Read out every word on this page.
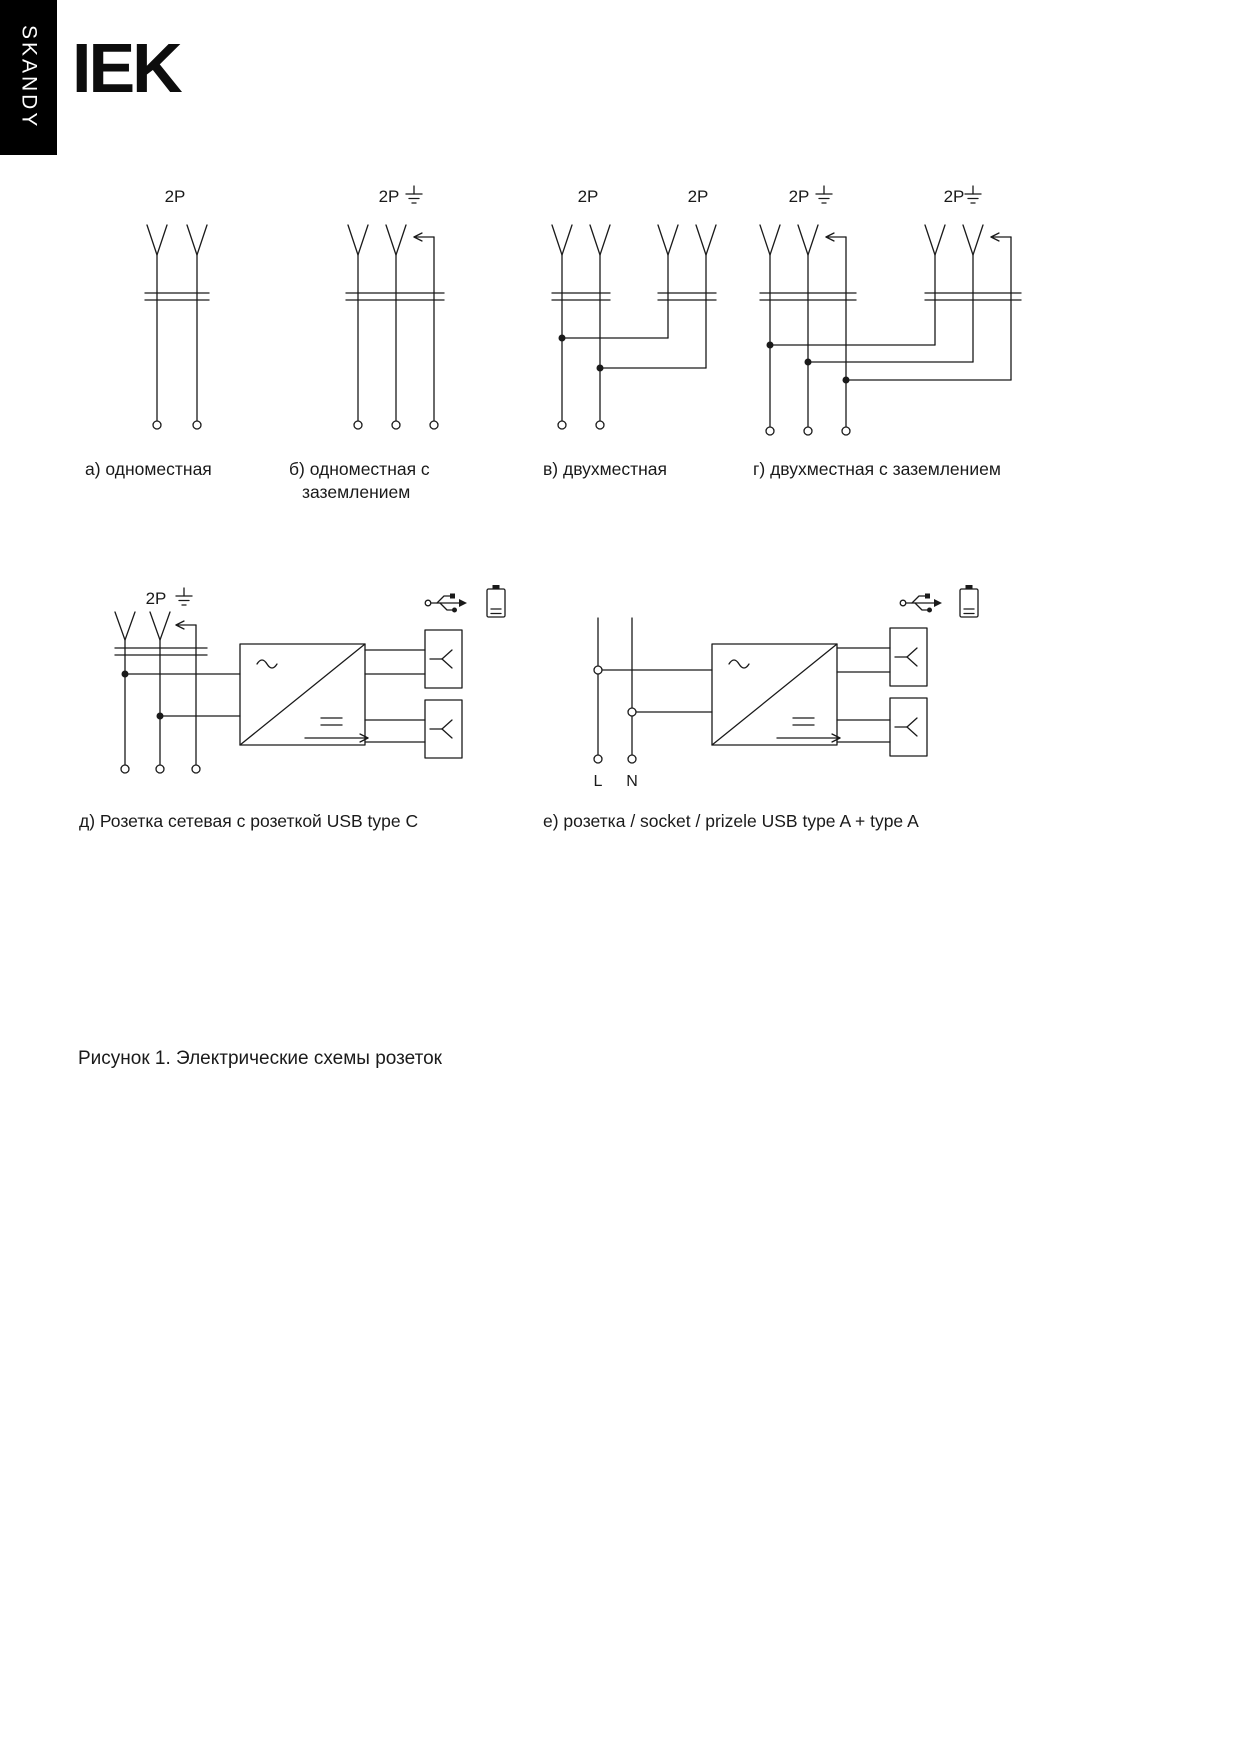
SKANDY IEK
2P	2P	2P	2P	2P	2P
2P
L N
а) одноместная	б) одноместная с
заземлением
в) двухместная	г) двухместная с заземлением
д) Розетка сетевая с розеткой USB type C	е) розетка / socket / prizele USB type A + type A
Рисунок 1. Электрические схемы розеток
